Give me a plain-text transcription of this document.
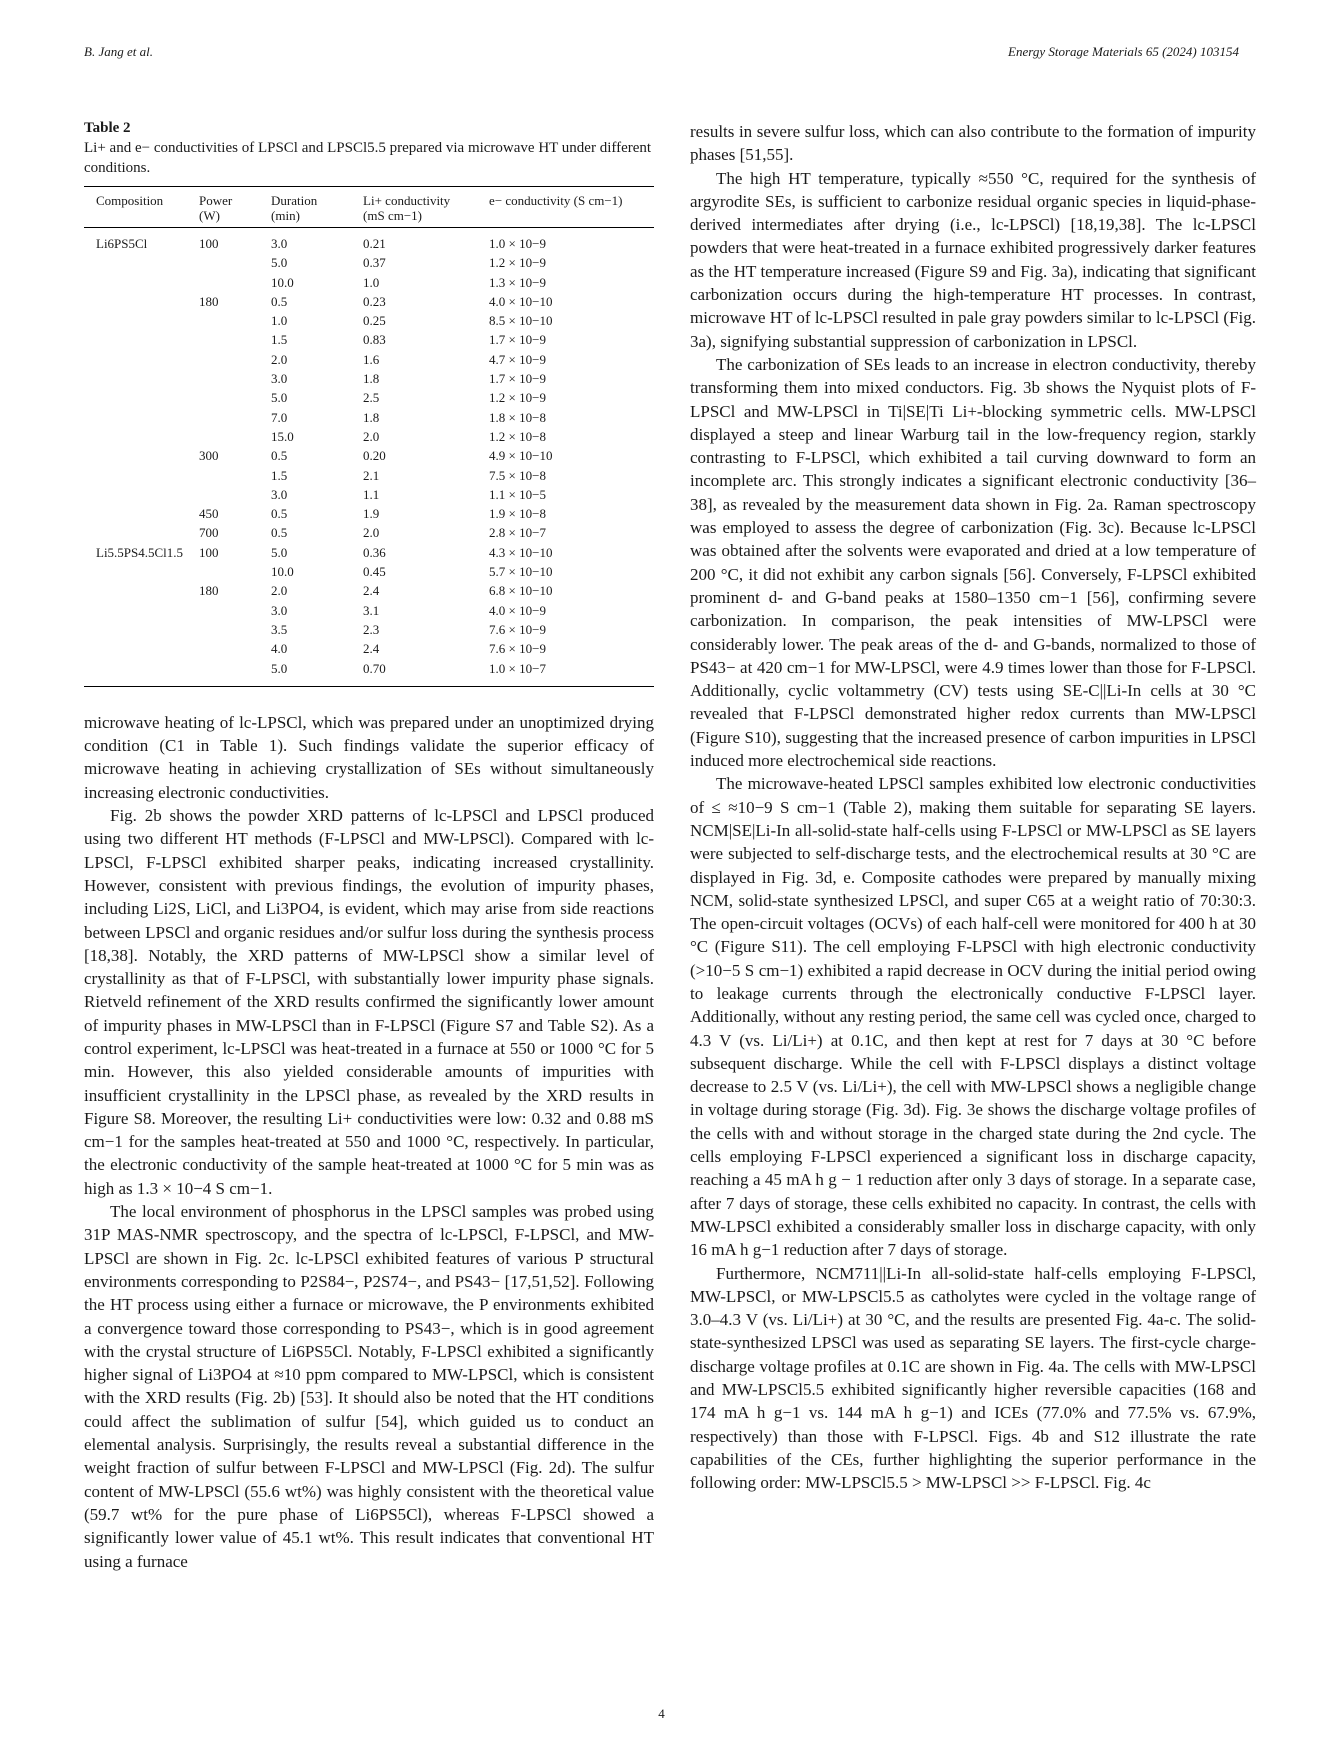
B. Jang et al.	Energy Storage Materials 65 (2024) 103154

Table 2

Li+ and e− conductivities of LPSCl and LPSCl5.5 prepared via microwave HT under different conditions.

Composition	Power (W)	Duration (min)	Li+ conductivity (mS cm−1)	e− conductivity (S cm−1)
Li6PS5Cl	100	3.0	0.21	1.0 × 10−9
		5.0	0.37	1.2 × 10−9
		10.0	1.0	1.3 × 10−9
	180	0.5	0.23	4.0 × 10−10
		1.0	0.25	8.5 × 10−10
		1.5	0.83	1.7 × 10−9
		2.0	1.6	4.7 × 10−9
		3.0	1.8	1.7 × 10−9
		5.0	2.5	1.2 × 10−9
		7.0	1.8	1.8 × 10−8
		15.0	2.0	1.2 × 10−8
	300	0.5	0.20	4.9 × 10−10
		1.5	2.1	7.5 × 10−8
		3.0	1.1	1.1 × 10−5
	450	0.5	1.9	1.9 × 10−8
	700	0.5	2.0	2.8 × 10−7
Li5.5PS4.5Cl1.5	100	5.0	0.36	4.3 × 10−10
		10.0	0.45	5.7 × 10−10
	180	2.0	2.4	6.8 × 10−10
		3.0	3.1	4.0 × 10−9
		3.5	2.3	7.6 × 10−9
		4.0	2.4	7.6 × 10−9
		5.0	0.70	1.0 × 10−7

microwave heating of lc-LPSCl, which was prepared under an unoptimized drying condition (C1 in Table 1). Such findings validate the superior efficacy of microwave heating in achieving crystallization of SEs without simultaneously increasing electronic conductivities.

Fig. 2b shows the powder XRD patterns of lc-LPSCl and LPSCl produced using two different HT methods (F-LPSCl and MW-LPSCl). Compared with lc-LPSCl, F-LPSCl exhibited sharper peaks, indicating increased crystallinity. However, consistent with previous findings, the evolution of impurity phases, including Li2S, LiCl, and Li3PO4, is evident, which may arise from side reactions between LPSCl and organic residues and/or sulfur loss during the synthesis process [18,38]. Notably, the XRD patterns of MW-LPSCl show a similar level of crystallinity as that of F-LPSCl, with substantially lower impurity phase signals. Rietveld refinement of the XRD results confirmed the significantly lower amount of impurity phases in MW-LPSCl than in F-LPSCl (Figure S7 and Table S2). As a control experiment, lc-LPSCl was heat-treated in a furnace at 550 or 1000 °C for 5 min. However, this also yielded considerable amounts of impurities with insufficient crystallinity in the LPSCl phase, as revealed by the XRD results in Figure S8. Moreover, the resulting Li+ conductivities were low: 0.32 and 0.88 mS cm−1 for the samples heat-treated at 550 and 1000 °C, respectively. In particular, the electronic conductivity of the sample heat-treated at 1000 °C for 5 min was as high as 1.3 × 10−4 S cm−1.

The local environment of phosphorus in the LPSCl samples was probed using 31P MAS-NMR spectroscopy, and the spectra of lc-LPSCl, F-LPSCl, and MW-LPSCl are shown in Fig. 2c. lc-LPSCl exhibited features of various P structural environments corresponding to P2S84−, P2S74−, and PS43− [17,51,52]. Following the HT process using either a furnace or microwave, the P environments exhibited a convergence toward those corresponding to PS43−, which is in good agreement with the crystal structure of Li6PS5Cl. Notably, F-LPSCl exhibited a significantly higher signal of Li3PO4 at ≈10 ppm compared to MW-LPSCl, which is consistent with the XRD results (Fig. 2b) [53]. It should also be noted that the HT conditions could affect the sublimation of sulfur [54], which guided us to conduct an elemental analysis. Surprisingly, the results reveal a substantial difference in the weight fraction of sulfur between F-LPSCl and MW-LPSCl (Fig. 2d). The sulfur content of MW-LPSCl (55.6 wt%) was highly consistent with the theoretical value (59.7 wt% for the pure phase of Li6PS5Cl), whereas F-LPSCl showed a significantly lower value of 45.1 wt%. This result indicates that conventional HT using a furnace

results in severe sulfur loss, which can also contribute to the formation of impurity phases [51,55].

The high HT temperature, typically ≈550 °C, required for the synthesis of argyrodite SEs, is sufficient to carbonize residual organic species in liquid-phase-derived intermediates after drying (i.e., lc-LPSCl) [18,19,38]. The lc-LPSCl powders that were heat-treated in a furnace exhibited progressively darker features as the HT temperature increased (Figure S9 and Fig. 3a), indicating that significant carbonization occurs during the high-temperature HT processes. In contrast, microwave HT of lc-LPSCl resulted in pale gray powders similar to lc-LPSCl (Fig. 3a), signifying substantial suppression of carbonization in LPSCl.

The carbonization of SEs leads to an increase in electron conductivity, thereby transforming them into mixed conductors. Fig. 3b shows the Nyquist plots of F-LPSCl and MW-LPSCl in Ti|SE|Ti Li+-blocking symmetric cells. MW-LPSCl displayed a steep and linear Warburg tail in the low-frequency region, starkly contrasting to F-LPSCl, which exhibited a tail curving downward to form an incomplete arc. This strongly indicates a significant electronic conductivity [36–38], as revealed by the measurement data shown in Fig. 2a. Raman spectroscopy was employed to assess the degree of carbonization (Fig. 3c). Because lc-LPSCl was obtained after the solvents were evaporated and dried at a low temperature of 200 °C, it did not exhibit any carbon signals [56]. Conversely, F-LPSCl exhibited prominent d- and G-band peaks at 1580–1350 cm−1 [56], confirming severe carbonization. In comparison, the peak intensities of MW-LPSCl were considerably lower. The peak areas of the d- and G-bands, normalized to those of PS43− at 420 cm−1 for MW-LPSCl, were 4.9 times lower than those for F-LPSCl. Additionally, cyclic voltammetry (CV) tests using SE-C||Li-In cells at 30 °C revealed that F-LPSCl demonstrated higher redox currents than MW-LPSCl (Figure S10), suggesting that the increased presence of carbon impurities in LPSCl induced more electrochemical side reactions.

The microwave-heated LPSCl samples exhibited low electronic conductivities of ≤ ≈10−9 S cm−1 (Table 2), making them suitable for separating SE layers. NCM|SE|Li-In all-solid-state half-cells using F-LPSCl or MW-LPSCl as SE layers were subjected to self-discharge tests, and the electrochemical results at 30 °C are displayed in Fig. 3d, e. Composite cathodes were prepared by manually mixing NCM, solid-state synthesized LPSCl, and super C65 at a weight ratio of 70:30:3. The open-circuit voltages (OCVs) of each half-cell were monitored for 400 h at 30 °C (Figure S11). The cell employing F-LPSCl with high electronic conductivity (>10−5 S cm−1) exhibited a rapid decrease in OCV during the initial period owing to leakage currents through the electronically conductive F-LPSCl layer. Additionally, without any resting period, the same cell was cycled once, charged to 4.3 V (vs. Li/Li+) at 0.1C, and then kept at rest for 7 days at 30 °C before subsequent discharge. While the cell with F-LPSCl displays a distinct voltage decrease to 2.5 V (vs. Li/Li+), the cell with MW-LPSCl shows a negligible change in voltage during storage (Fig. 3d). Fig. 3e shows the discharge voltage profiles of the cells with and without storage in the charged state during the 2nd cycle. The cells employing F-LPSCl experienced a significant loss in discharge capacity, reaching a 45 mA h g − 1 reduction after only 3 days of storage. In a separate case, after 7 days of storage, these cells exhibited no capacity. In contrast, the cells with MW-LPSCl exhibited a considerably smaller loss in discharge capacity, with only 16 mA h g−1 reduction after 7 days of storage.

Furthermore, NCM711||Li-In all-solid-state half-cells employing F-LPSCl, MW-LPSCl, or MW-LPSCl5.5 as catholytes were cycled in the voltage range of 3.0–4.3 V (vs. Li/Li+) at 30 °C, and the results are presented Fig. 4a-c. The solid-state-synthesized LPSCl was used as separating SE layers. The first-cycle charge-discharge voltage profiles at 0.1C are shown in Fig. 4a. The cells with MW-LPSCl and MW-LPSCl5.5 exhibited significantly higher reversible capacities (168 and 174 mA h g−1 vs. 144 mA h g−1) and ICEs (77.0% and 77.5% vs. 67.9%, respectively) than those with F-LPSCl. Figs. 4b and S12 illustrate the rate capabilities of the CEs, further highlighting the superior performance in the following order: MW-LPSCl5.5 > MW-LPSCl >> F-LPSCl. Fig. 4c

4
